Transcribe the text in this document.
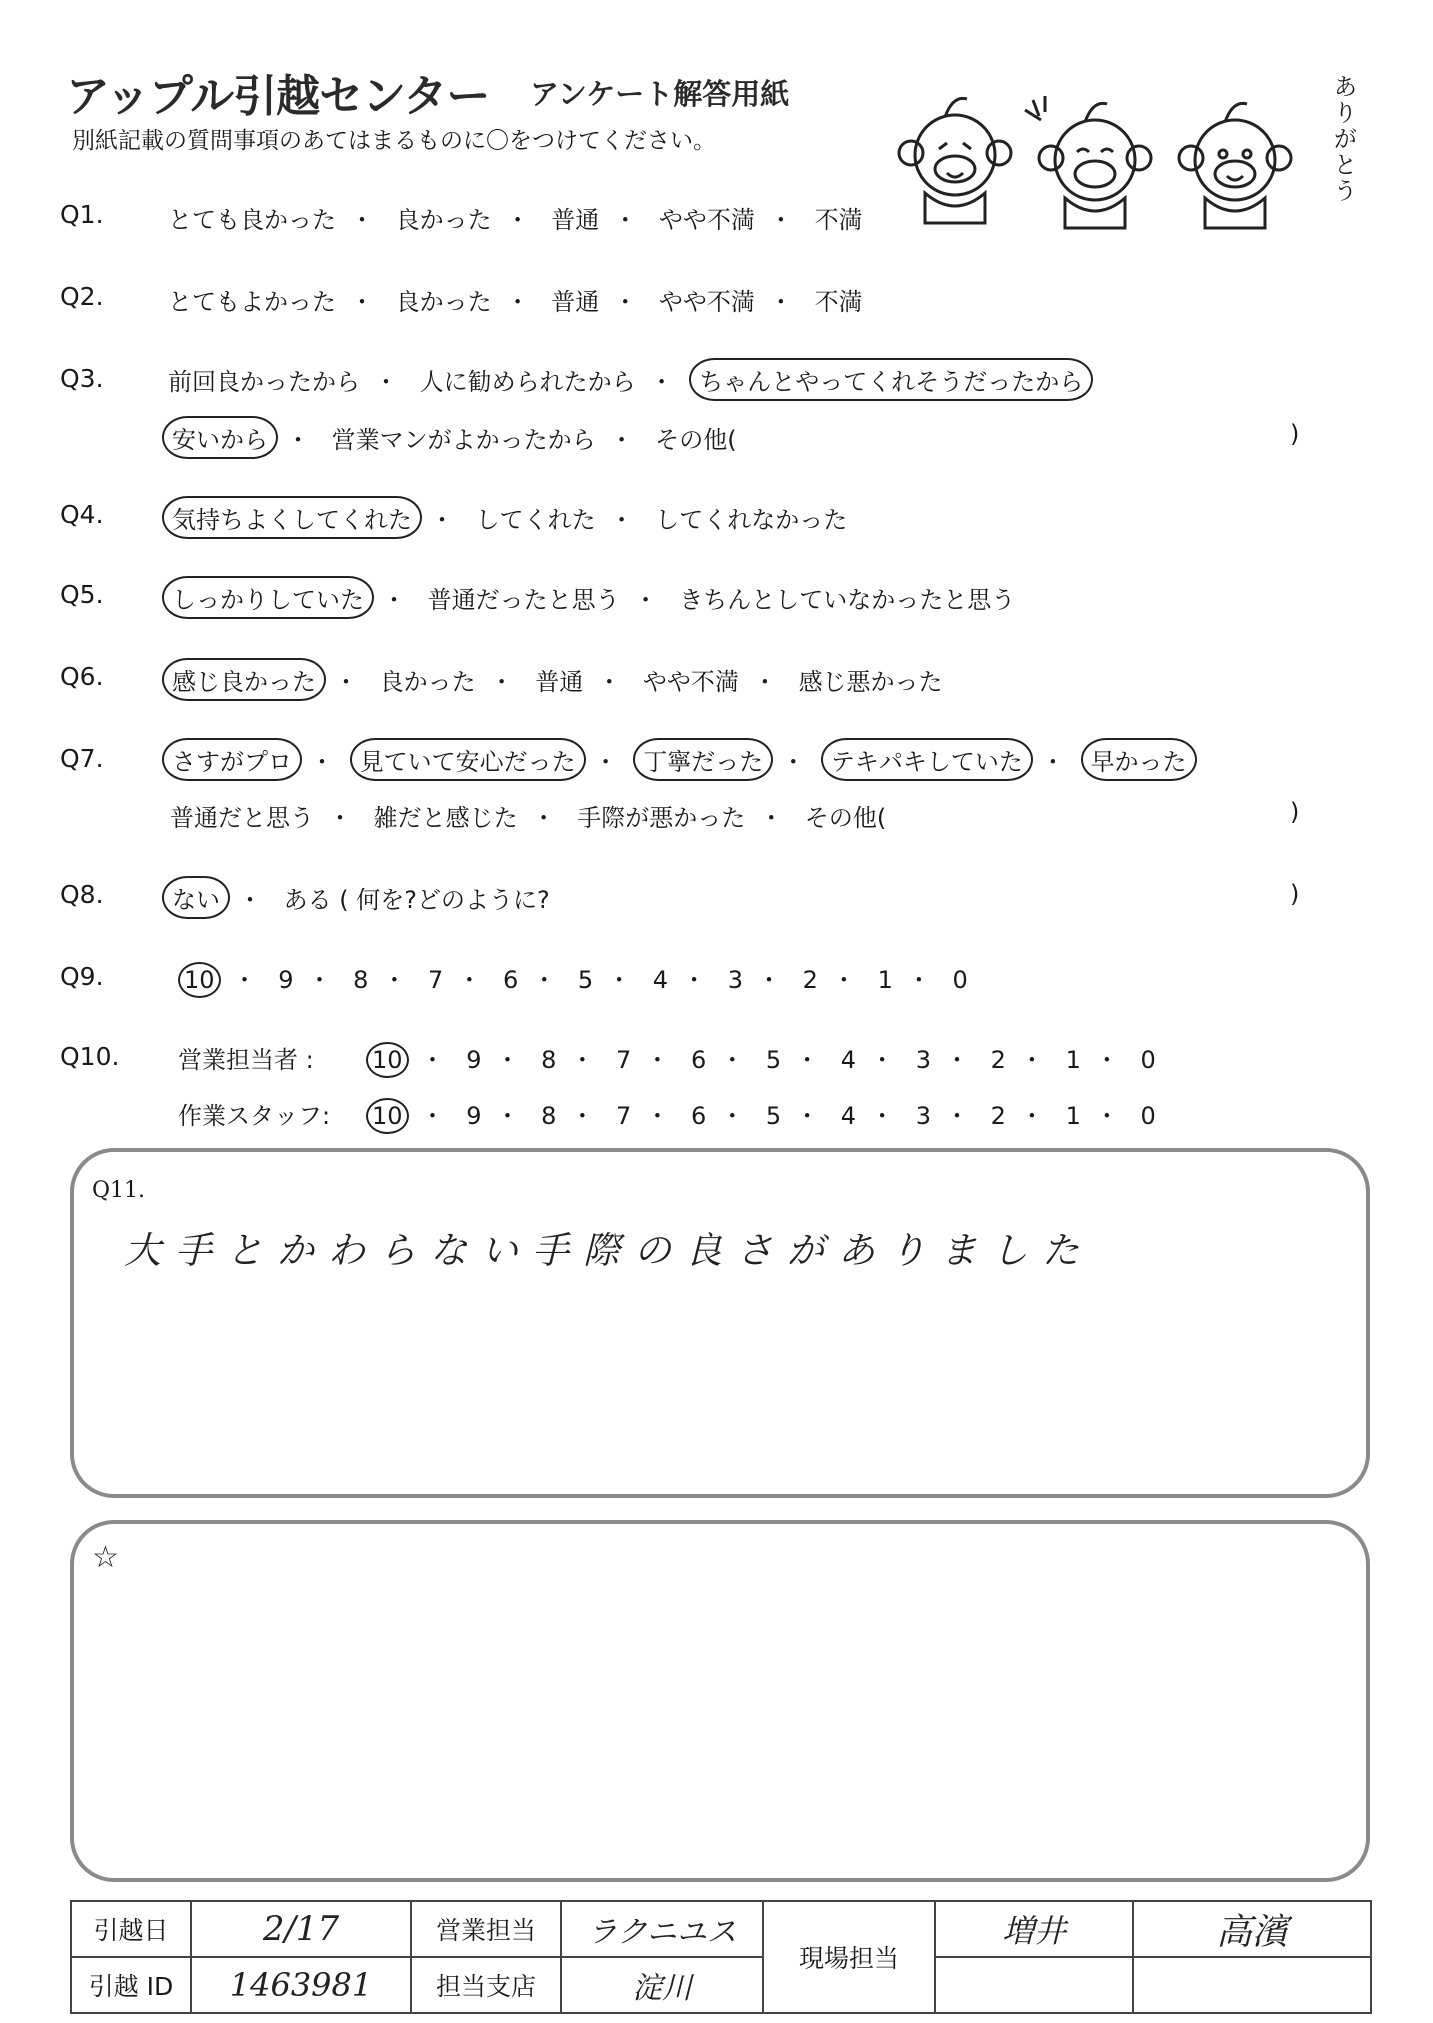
アップル引越センター アンケート解答用紙
別紙記載の質問事項のあてはまるものに〇をつけてください。	ありがとう
Q1.	とても良かった ・ 良かった ・ 普通 ・ やや不満 ・ 不満
Q2.	とてもよかった ・ 良かった ・ 普通 ・ やや不満 ・ 不満
Q3.	前回良かったから ・ 人に勧められたから ・ ちゃんとやってくれそうだったから
安いから ・ 営業マンがよかったから ・ その他(	)
Q4.	気持ちよくしてくれた ・ してくれた ・ してくれなかった
Q5.	しっかりしていた ・ 普通だったと思う ・ きちんとしていなかったと思う
Q6.	感じ良かった ・ 良かった ・ 普通 ・ やや不満 ・ 感じ悪かった
Q7.	さすがプロ ・ 見ていて安心だった ・ 丁寧だった ・ テキパキしていた ・ 早かった
普通だと思う ・ 雑だと感じた ・ 手際が悪かった ・ その他(	)
Q8.	ない ・ ある ( 何を?どのように?	)
Q9.	10 ・ 9 ・ 8 ・ 7 ・ 6 ・ 5 ・ 4 ・ 3 ・ 2 ・ 1 ・ 0
Q10. 営業担当者 : 10 ・ 9 ・ 8 ・ 7 ・ 6 ・ 5 ・ 4 ・ 3 ・ 2 ・ 1 ・ 0
作業スタッフ: 10 ・ 9 ・ 8 ・ 7 ・ 6 ・ 5 ・ 4 ・ 3 ・ 2 ・ 1 ・ 0
Q11.
大手とかわらない手際の良さがありました
☆
引越日	2/17	営業担当	ラクニユス	現場担当	増井	高濱
引越 ID	1463981	担当支店	淀川			
